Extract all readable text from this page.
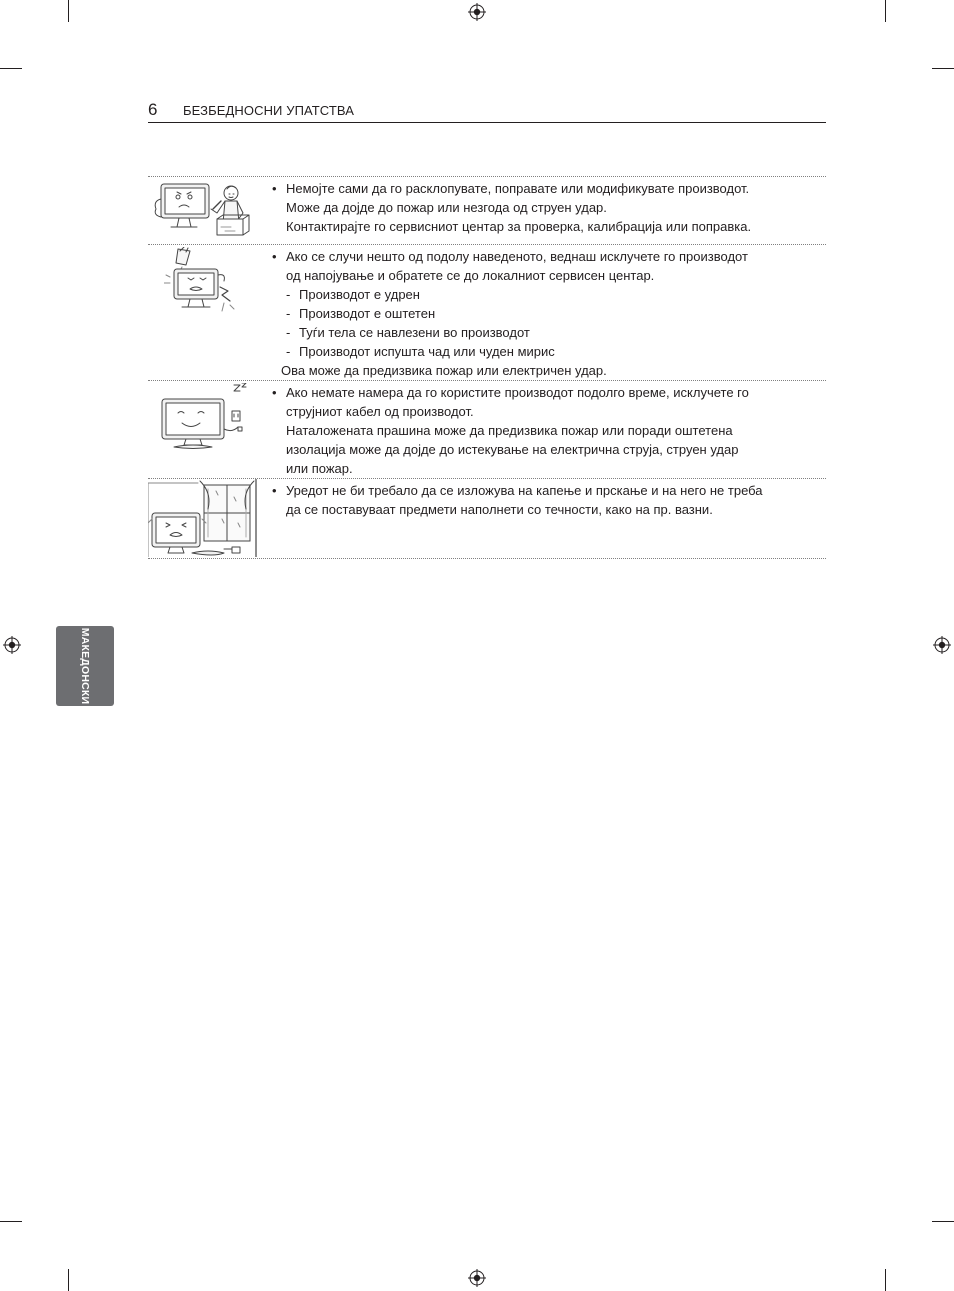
6 БЕЗБЕДНОСНИ УПАТСТВА
МАКЕДОНСКИ
• Немојте сами да го расклопувате, поправате или модификувате производот.
Може да дојде до пожар или незгода од струен удар.
Контактирајте го сервисниот центар за проверка, калибрација или поправка.
• Ако се случи нешто од подолу наведеното, веднаш исклучете го производот
од напојување и обратете се до локалниот сервисен центар.
- Производот е удрен
- Производот е оштетен
- Туѓи тела се навлезени во производот
- Производот испушта чад или чуден мирис
Ова може да предизвика пожар или електричен удар.
• Ако немате намера да го користите производот подолго време, исклучете го
струјниот кабел од производот.
Наталожената прашина може да предизвика пожар или поради оштетена
изолација може да дојде до истекување на електрична струја, струен удар
или пожар.
• Уредот не би требало да се изложува на капење и прскање и на него не треба
да се поставуваат предмети наполнети со течности, како на пр. вазни.
